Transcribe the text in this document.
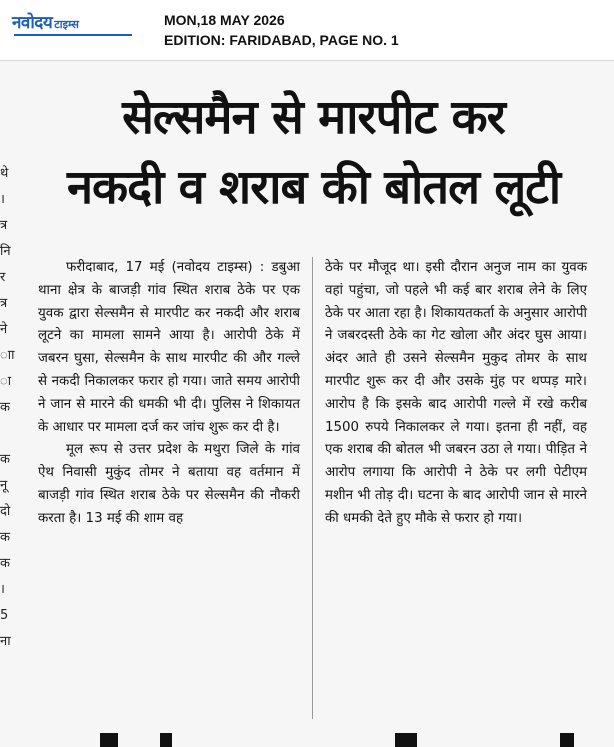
नवोदय टाइम्स	MON,18 MAY 2026
EDITION: FARIDABAD, PAGE NO. 1
थे
।
त्र
नि
र
त्र
ने
ाा
ा
क
क
नू
दो
क
क
।
5
ना
सेल्समैन से मारपीट कर
नकदी व शराब की बोतल लूटी

फरीदाबाद, 17 मई (नवोदय टाइम्स) : डबुआ थाना क्षेत्र के बाजड़ी गांव स्थित शराब ठेके पर एक युवक द्वारा सेल्समैन से मारपीट कर नकदी और शराब लूटने का मामला सामने आया है। आरोपी ठेके में जबरन घुसा, सेल्समैन के साथ मारपीट की और गल्ले से नकदी निकालकर फरार हो गया। जाते समय आरोपी ने जान से मारने की धमकी भी दी। पुलिस ने शिकायत के आधार पर मामला दर्ज कर जांच शुरू कर दी है।

मूल रूप से उत्तर प्रदेश के मथुरा जिले के गांव ऐथ निवासी मुकुंद तोमर ने बताया वह वर्तमान में बाजड़ी गांव स्थित शराब ठेके पर सेल्समैन की नौकरी करता है। 13 मई की शाम वह

ठेके पर मौजूद था। इसी दौरान अनुज नाम का युवक वहां पहुंचा, जो पहले भी कई बार शराब लेने के लिए ठेके पर आता रहा है। शिकायतकर्ता के अनुसार आरोपी ने जबरदस्ती ठेके का गेट खोला और अंदर घुस आया। अंदर आते ही उसने सेल्समैन मुकुद तोमर के साथ मारपीट शुरू कर दी और उसके मुंह पर थप्पड़ मारे। आरोप है कि इसके बाद आरोपी गल्ले में रखे करीब 1500 रुपये निकालकर ले गया। इतना ही नहीं, वह एक शराब की बोतल भी जबरन उठा ले गया। पीड़ित ने आरोप लगाया कि आरोपी ने ठेके पर लगी पेटीएम मशीन भी तोड़ दी। घटना के बाद आरोपी जान से मारने की धमकी देते हुए मौके से फरार हो गया।
